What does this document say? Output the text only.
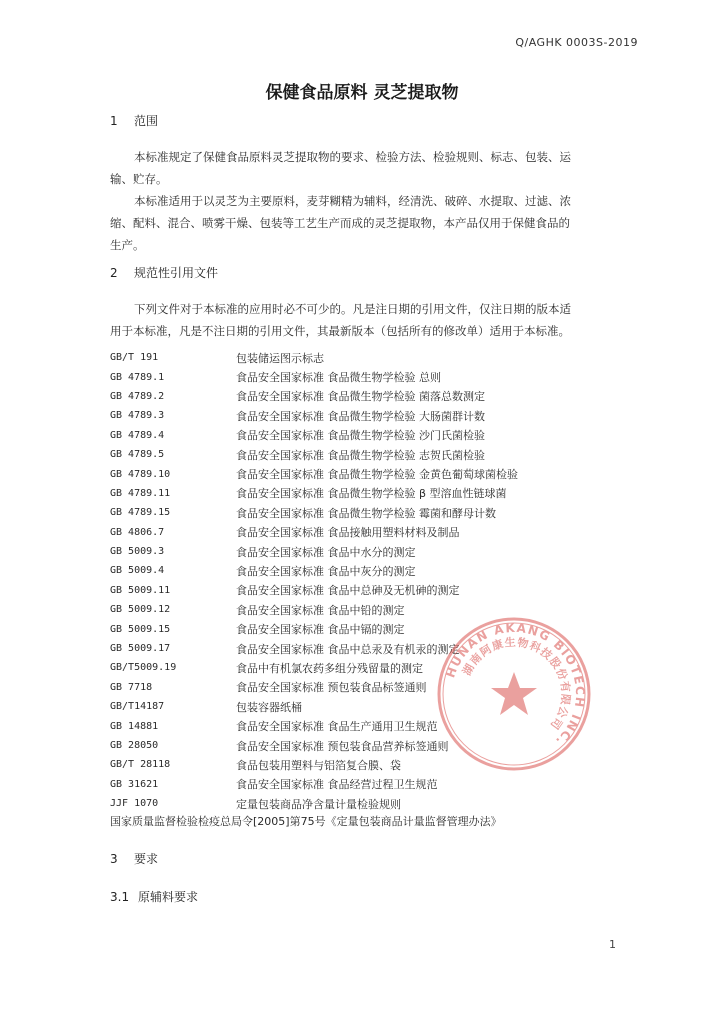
Q/AGHK 0003S-2019
保健食品原料 灵芝提取物
1 范围
本标准规定了保健食品原料灵芝提取物的要求、检验方法、检验规则、标志、包装、运
输、贮存。
本标准适用于以灵芝为主要原料，麦芽糊精为辅料，经清洗、破碎、水提取、过滤、浓
缩、配料、混合、喷雾干燥、包装等工艺生产而成的灵芝提取物，本产品仅用于保健食品的
生产。
2 规范性引用文件
下列文件对于本标准的应用时必不可少的。凡是注日期的引用文件，仅注日期的版本适
用于本标准，凡是不注日期的引用文件，其最新版本（包括所有的修改单）适用于本标准。
GB/T 191	包装储运图示标志
GB 4789.1	食品安全国家标准 食品微生物学检验 总则
GB 4789.2	食品安全国家标准 食品微生物学检验 菌落总数测定
GB 4789.3	食品安全国家标准 食品微生物学检验 大肠菌群计数
GB 4789.4	食品安全国家标准 食品微生物学检验 沙门氏菌检验
GB 4789.5	食品安全国家标准 食品微生物学检验 志贺氏菌检验
GB 4789.10	食品安全国家标准 食品微生物学检验 金黄色葡萄球菌检验
GB 4789.11	食品安全国家标准 食品微生物学检验 β 型溶血性链球菌
GB 4789.15	食品安全国家标准 食品微生物学检验 霉菌和酵母计数
GB 4806.7	食品安全国家标准 食品接触用塑料材料及制品
GB 5009.3	食品安全国家标准 食品中水分的测定
GB 5009.4	食品安全国家标准 食品中灰分的测定
GB 5009.11	食品安全国家标准 食品中总砷及无机砷的测定
GB 5009.12	食品安全国家标准 食品中铅的测定
GB 5009.15	食品安全国家标准 食品中镉的测定
GB 5009.17	食品安全国家标准 食品中总汞及有机汞的测定
GB/T5009.19	食品中有机氯农药多组分残留量的测定
GB 7718	食品安全国家标准 预包装食品标签通则
GB/T14187	包装容器纸桶
GB 14881	食品安全国家标准 食品生产通用卫生规范
GB 28050	食品安全国家标准 预包装食品营养标签通则
GB/T 28118	食品包装用塑料与铝箔复合膜、袋
GB 31621	食品安全国家标准 食品经营过程卫生规范
JJF 1070	定量包装商品净含量计量检验规则
国家质量监督检验检疫总局令[2005]第75号《定量包装商品计量监督管理办法》
3 要求
3.1 原辅料要求
HUNAN AKANG BIOTECH INC.
湖南阿康生物科技股份有限公司
1
